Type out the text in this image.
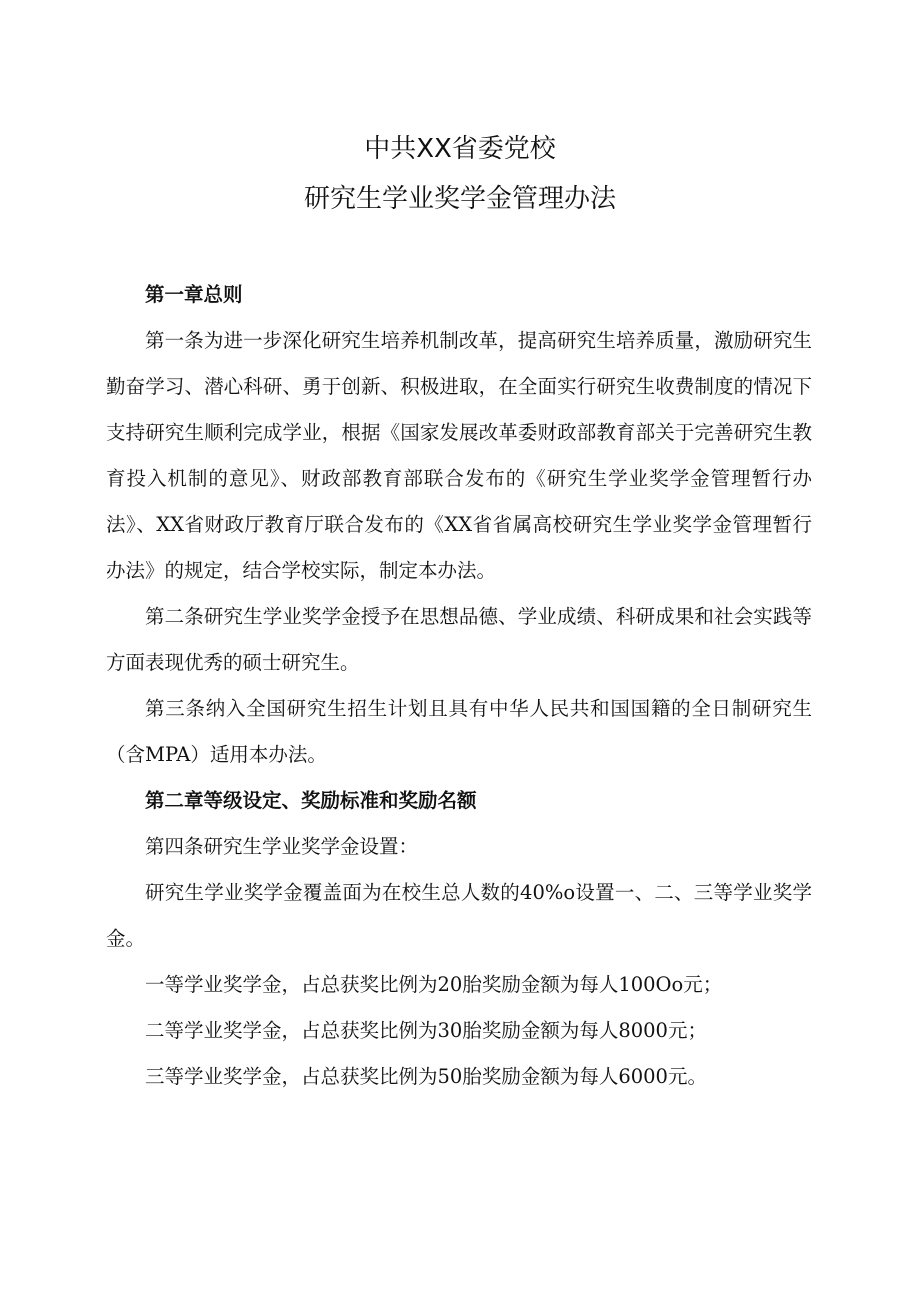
中共XX省委党校
研究生学业奖学金管理办法

第一章总则

第一条为进一步深化研究生培养机制改革，提高研究生培养质量，激励研究生勤奋学习、潜心科研、勇于创新、积极进取，在全面实行研究生收费制度的情况下支持研究生顺利完成学业，根据《国家发展改革委财政部教育部关于完善研究生教育投入机制的意见》、财政部教育部联合发布的《研究生学业奖学金管理暂行办法》、XX省财政厅教育厅联合发布的《XX省省属高校研究生学业奖学金管理暂行办法》的规定，结合学校实际，制定本办法。

第二条研究生学业奖学金授予在思想品德、学业成绩、科研成果和社会实践等方面表现优秀的硕士研究生。

第三条纳入全国研究生招生计划且具有中华人民共和国国籍的全日制研究生（含MPA）适用本办法。

第二章等级设定、奖励标准和奖励名额

第四条研究生学业奖学金设置：

研究生学业奖学金覆盖面为在校生总人数的40%o设置一、二、三等学业奖学金。

一等学业奖学金，占总获奖比例为20胎奖励金额为每人100Oo元；

二等学业奖学金，占总获奖比例为30胎奖励金额为每人8000元；

三等学业奖学金，占总获奖比例为50胎奖励金额为每人6000元。
